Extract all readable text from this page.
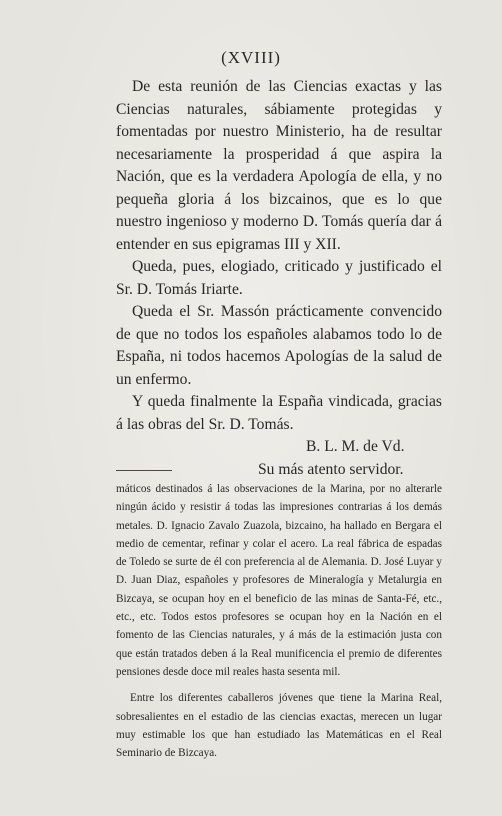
(XVIII)

De esta reunión de las Ciencias exactas y las Ciencias naturales, sábiamente protegidas y fomentadas por nuestro Ministerio, ha de resultar necesariamente la prosperidad á que aspira la Nación, que es la verdadera Apología de ella, y no pequeña gloria á los bizcainos, que es lo que nuestro ingenioso y moderno D. Tomás quería dar á entender en sus epigramas III y XII.

Queda, pues, elogiado, criticado y justificado el Sr. D. Tomás Iriarte.

Queda el Sr. Massón prácticamente convencido de que no todos los españoles alabamos todo lo de España, ni todos hacemos Apologías de la salud de un enfermo.

Y queda finalmente la España vindicada, gracias á las obras del Sr. D. Tomás.

B. L. M. de Vd.
Su más atento servidor.

máticos destinados á las observaciones de la Marina, por no alterarle ningún ácido y resistir á todas las impresiones contrarias á los demás metales. D. Ignacio Zavalo Zuazola, bizcaino, ha hallado en Bergara el medio de cementar, refinar y colar el acero. La real fábrica de espadas de Toledo se surte de él con preferencia al de Alemania. D. José Luyar y D. Juan Diaz, españoles y profesores de Mineralogía y Metalurgia en Bizcaya, se ocupan hoy en el beneficio de las minas de Santa-Fé, etc., etc., etc. Todos estos profesores se ocupan hoy en la Nación en el fomento de las Ciencias naturales, y á más de la estimación justa con que están tratados deben á la Real munificencia el premio de diferentes pensiones desde doce mil reales hasta sesenta mil.

Entre los diferentes caballeros jóvenes que tiene la Marina Real, sobresalientes en el estadio de las ciencias exactas, merecen un lugar muy estimable los que han estudiado las Matemáticas en el Real Seminario de Bizcaya.
